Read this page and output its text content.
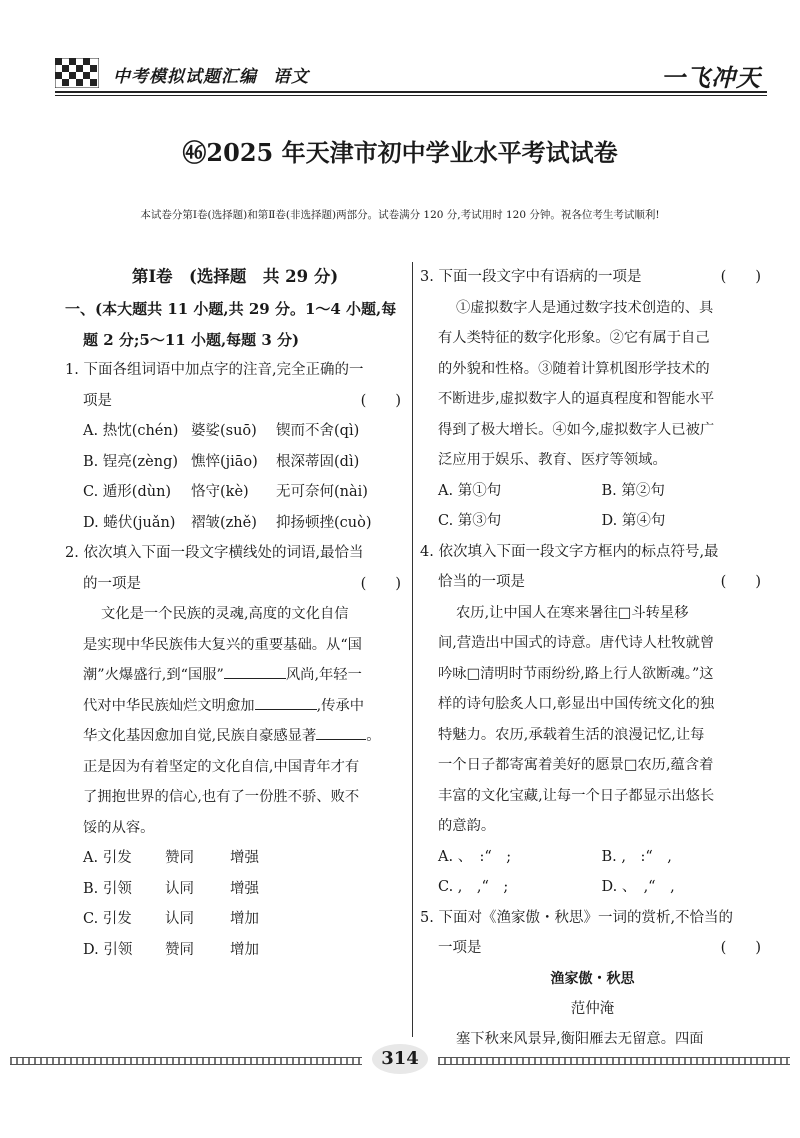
中考模拟试题汇编 语文	一飞冲天
㊻2025 年天津市初中学业水平考试试卷
本试卷分第Ⅰ卷(选择题)和第Ⅱ卷(非选择题)两部分。试卷满分 120 分,考试用时 120 分钟。祝各位考生考试顺利!
第Ⅰ卷　(选择题　共 29 分)

一、(本大题共 11 小题,共 29 分。1～4 小题,每

题 2 分;5～11 小题,每题 3 分)

1. 下面各组词语中加点字的注音,完全正确的一

项是	(　　)

A. 热忱(chén) 婆娑(suō)	锲而不舍(qì)
B. 锃亮(zèng) 憔悴(jiāo)	根深蒂固(dì)
C. 遁形(dùn)	恪守(kè)	无可奈何(nài)
D. 蜷伏(juǎn)	褶皱(zhě)	抑扬顿挫(cuò)

2. 依次填入下面一段文字横线处的词语,最恰当

的一项是	(　　)

文化是一个民族的灵魂,高度的文化自信

是实现中华民族伟大复兴的重要基础。从“国

潮”火爆盛行,到“国服”	风尚,年轻一

代对中华民族灿烂文明愈加	,传承中

华文化基因愈加自觉,民族自豪感显著	。

正是因为有着坚定的文化自信,中国青年才有

了拥抱世界的信心,也有了一份胜不骄、败不

馁的从容。

A. 引发	赞同	增强
B. 引领	认同	增强
C. 引发	认同	增加
D. 引领	赞同	增加

3. 下面一段文字中有语病的一项是	(　　)

①虚拟数字人是通过数字技术创造的、具

有人类特征的数字化形象。②它有属于自己

的外貌和性格。③随着计算机图形学技术的

不断进步,虚拟数字人的逼真程度和智能水平

得到了极大增长。④如今,虚拟数字人已被广

泛应用于娱乐、教育、医疗等领域。

A. 第①句	B. 第②句
C. 第③句	D. 第④句

4. 依次填入下面一段文字方框内的标点符号,最

恰当的一项是	(　　)

农历,让中国人在寒来暑往□斗转星移

间,营造出中国式的诗意。唐代诗人杜牧就曾

吟咏□清明时节雨纷纷,路上行人欲断魂。”这

样的诗句脍炙人口,彰显出中国传统文化的独

特魅力。农历,承载着生活的浪漫记忆,让每

一个日子都寄寓着美好的愿景□农历,蕴含着

丰富的文化宝藏,让每一个日子都显示出悠长

的意韵。

A. 、　:“　;	B. ,　:“　,
C. ,　,“　;	D. 、　,“　,

5. 下面对《渔家傲・秋思》一词的赏析,不恰当的

一项是	(　　)

渔家傲・秋思
范仲淹

塞下秋来风景异,衡阳雁去无留意。四面

314
